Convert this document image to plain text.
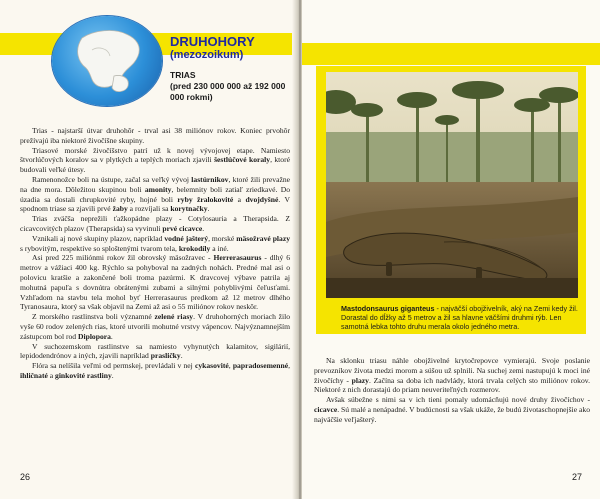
DRUHOHORY
(mezozoikum)
TRIAS
(pred 230 000 000 až 192 000 000 rokmi)

Trias - najstarší útvar druhohôr - trval asi 38 miliónov rokov. Koniec prvohôr prežívajú iba niektoré živočíšne skupiny.

Triasové morské živočíšstvo patrí už k novej vývojovej etape. Namiesto štvorlúčových koralov sa v plytkých a teplých moriach zjavili šestlúčové koraly, ktoré budovali veľké útesy.

Ramenonožce boli na ústupe, začal sa veľký vývoj lastúrnikov, ktoré žili prevažne na dne mora. Dôležitou skupinou boli amonity, belemnity boli zatiaľ zriedkavé. Do úzadia sa dostali chrupkovité ryby, hojné boli ryby žralokovité a dvojdyšné. V spodnom triase sa zjavili prvé žaby a rozvíjali sa korytnačky.

Trias zväčša neprežili ťažkopádne plazy - Cotylosauria a Therapsida. Z cicavcovitých plazov (Therapsida) sa vyvinuli prvé cicavce.

Vznikali aj nové skupiny plazov, napríklad vodné jašterý, morské mäsožravé plazy s rybovitým, respektíve so sploštenými tvarom tela, krokodíly a iné.

Asi pred 225 miliónmi rokov žil obrovský mäsožravec - Herrerasaurus - dlhý 6 metrov a vážiaci 400 kg. Rýchlo sa pohyboval na zadných nohách. Predné mal asi o polovicu kratšie a zakončené boli troma pazúrmi. K dravcovej výbave patrila aj mohutná papuľa s dovnútra obrátenými zubami a silnými pohyblivými čeľusťami. Vzhľadom na stavbu tela mohol byť Herrerasaurus predkom až 12 metrov dlhého Tyranosaura, ktorý sa však objavil na Zemi až asi o 55 miliónov rokov neskôr.

Z morského rastlinstva boli významné zelené riasy. V druhohorných moriach žilo vyše 60 rodov zelených rias, ktoré utvorili mohutné vrstvy vápencov. Najvýznamnejším zástupcom bol rod Diplopora.

V suchozemskom rastlinstve sa namiesto vyhynutých kalamitov, sigilárií, lepidodendrónov a iných, zjavili napríklad prasličky.

Flóra sa nelíšila veľmi od permskej, prevládali v nej cykasovité, papradosemenné, ihličnaté a ginkovité rastliny.

26
Mastodonsaurus giganteus - najväčší obojživelník, aký na Zemi kedy žil. Dorastal do dĺžky až 5 metrov a žil sa hlavne väčšími druhmi rýb. Len samotná lebka tohto druhu merala okolo jedného metra.

Na sklonku triasu náhle obojživelné krytočrepovce vymierajú. Svoje poslanie prevozníkov života medzi morom a súšou už splnili. Na suchej zemi nastupujú k moci iné živočíchy - plazy. Začína sa doba ich nadvlády, ktorá trvala celých sto miliónov rokov. Niektoré z nich dorastajú do priam neuveriteľných rozmerov.

Avšak súbežne s nimi sa v ich tieni pomaly udomácňujú nové druhy živočíchov - cicavce. Sú malé a nenápadné. V budúcnosti sa však ukáže, že budú životaschopnejšie ako najväčšie veľjašterý.

27
